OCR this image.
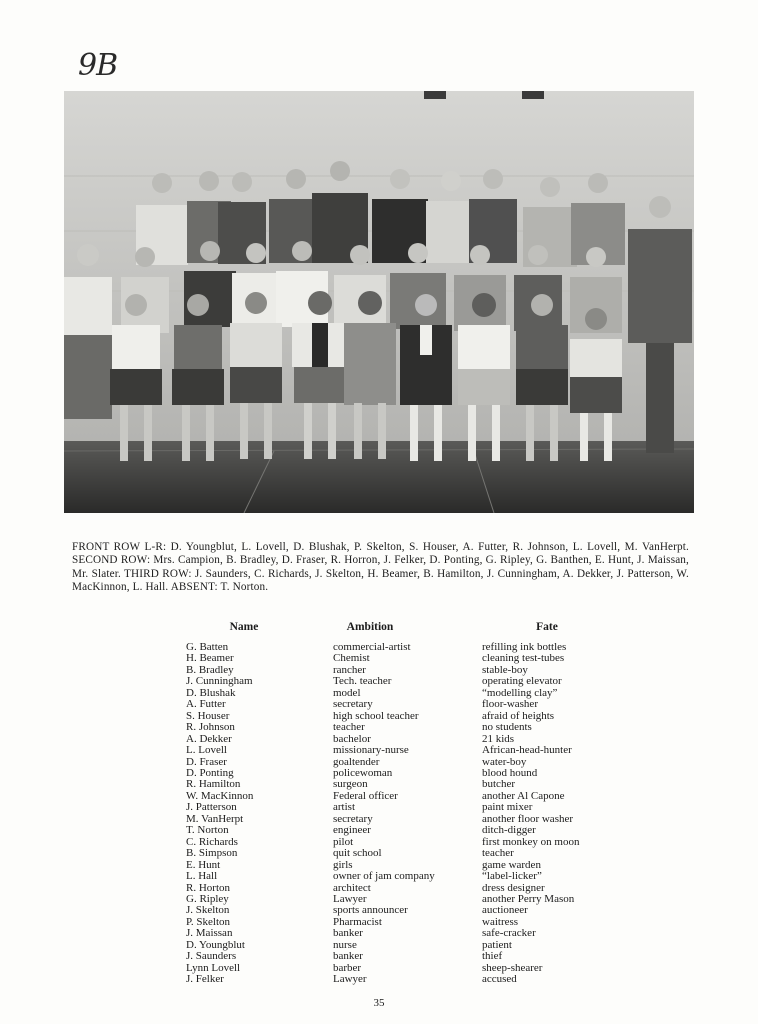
9B
FRONT ROW L-R: D. Youngblut, L. Lovell, D. Blushak, P. Skelton, S. Houser, A. Futter, R. Johnson, L. Lovell, M. VanHerpt. SECOND ROW: Mrs. Campion, B. Bradley, D. Fraser, R. Horron, J. Felker, D. Ponting, G. Ripley, G. Banthen, E. Hunt, J. Maissan, Mr. Slater. THIRD ROW: J. Saunders, C. Richards, J. Skelton, H. Beamer, B. Hamilton, J. Cunningham, A. Dekker, J. Patterson, W. MacKinnon, L. Hall. ABSENT: T. Norton.
Name
G. Batten
H. Beamer
B. Bradley
J. Cunningham
D. Blushak
A. Futter
S. Houser
R. Johnson
A. Dekker
L. Lovell
D. Fraser
D. Ponting
R. Hamilton
W. MacKinnon
J. Patterson
M. VanHerpt
T. Norton
C. Richards
B. Simpson
E. Hunt
L. Hall
R. Horton
G. Ripley
J. Skelton
P. Skelton
J. Maissan
D. Youngblut
J. Saunders
Lynn Lovell
J. Felker
Ambition
commercial-artist
Chemist
rancher
Tech. teacher
model
secretary
high school teacher
teacher
bachelor
missionary-nurse
goaltender
policewoman
surgeon
Federal officer
artist
secretary
engineer
pilot
quit school
girls
owner of jam company
architect
Lawyer
sports announcer
Pharmacist
banker
nurse
banker
barber
Lawyer
Fate
refilling ink bottles
cleaning test-tubes
stable-boy
operating elevator
“modelling clay”
floor-washer
afraid of heights
no students
21 kids
African-head-hunter
water-boy
blood hound
butcher
another Al Capone
paint mixer
another floor washer
ditch-digger
first monkey on moon
teacher
game warden
“label-licker”
dress designer
another Perry Mason
auctioneer
waitress
safe-cracker
patient
thief
sheep-shearer
accused
35
